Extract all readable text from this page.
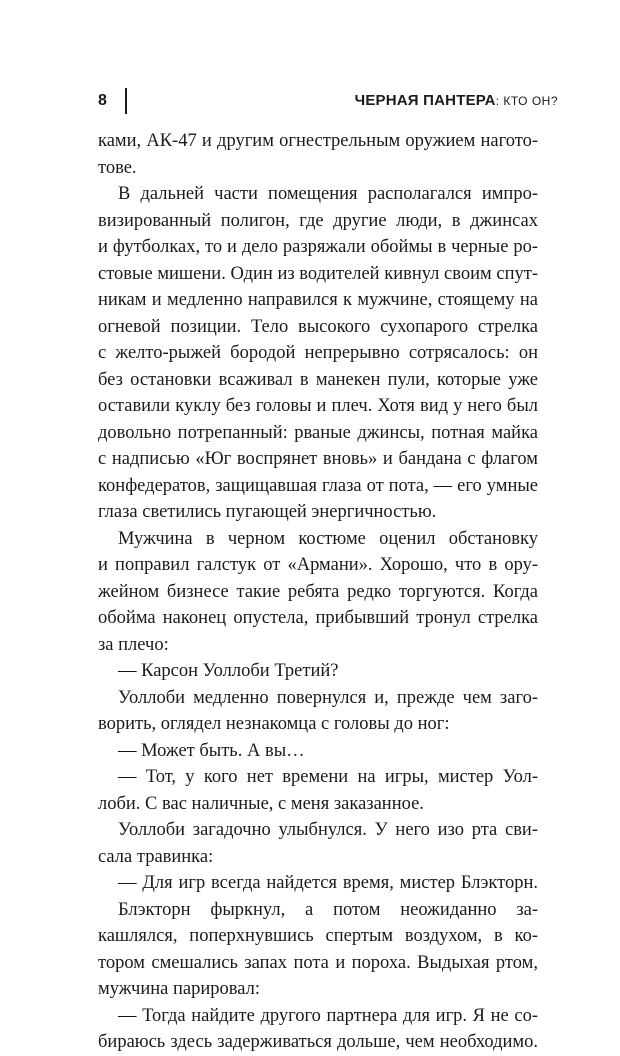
8	ЧЕРНАЯ ПАНТЕРА: КТО ОН?
ками, АК-47 и другим огнестрельным оружием нагото-
тове.
В дальней части помещения располагался импро-
визированный полигон, где другие люди, в джинсах
и футболках, то и дело разряжали обоймы в черные ро-
стовые мишени. Один из водителей кивнул своим спут-
никам и медленно направился к мужчине, стоящему на
огневой позиции. Тело высокого сухопарого стрелка
с желто-рыжей бородой непрерывно сотрясалось: он
без остановки всаживал в манекен пули, которые уже
оставили куклу без головы и плеч. Хотя вид у него был
довольно потрепанный: рваные джинсы, потная майка
с надписью «Юг воспрянет вновь» и бандана с флагом
конфедератов, защищавшая глаза от пота, — его умные
глаза светились пугающей энергичностью.
Мужчина в черном костюме оценил обстановку
и поправил галстук от «Армани». Хорошо, что в ору-
жейном бизнесе такие ребята редко торгуются. Когда
обойма наконец опустела, прибывший тронул стрелка
за плечо:
— Карсон Уоллоби Третий?
Уоллоби медленно повернулся и, прежде чем заго-
ворить, оглядел незнакомца с головы до ног:
— Может быть. А вы…
— Тот, у кого нет времени на игры, мистер Уол-
лоби. С вас наличные, с меня заказанное.
Уоллоби загадочно улыбнулся. У него изо рта сви-
сала травинка:
— Для игр всегда найдется время, мистер Блэкторн.
Блэкторн фыркнул, а потом неожиданно за-
кашлялся, поперхнувшись спертым воздухом, в ко-
тором смешались запах пота и пороха. Выдыхая ртом,
мужчина парировал:
— Тогда найдите другого партнера для игр. Я не со-
бираюсь здесь задерживаться дольше, чем необходимо.
